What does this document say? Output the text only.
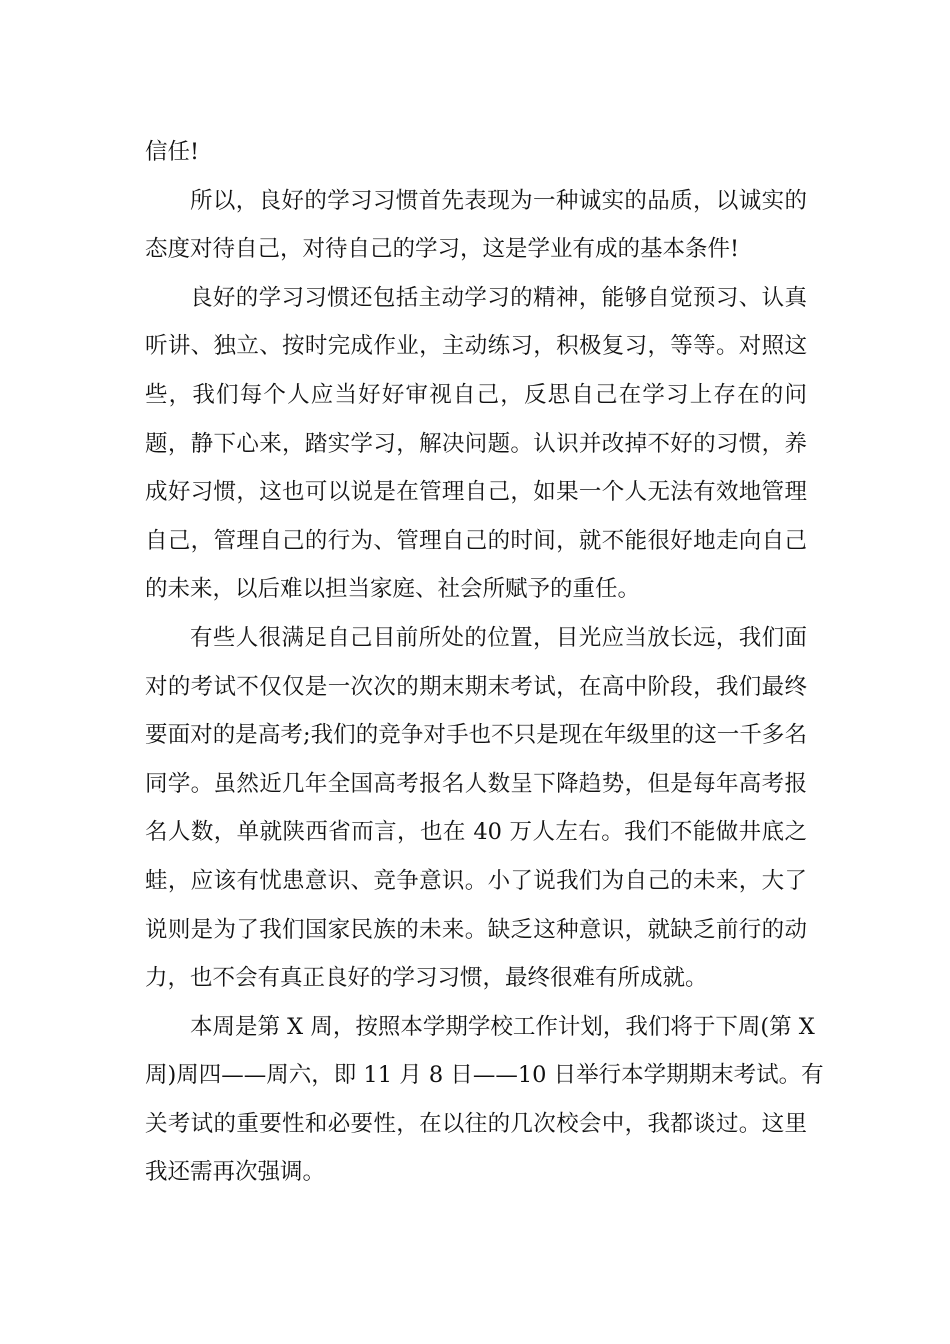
信任!

所以，良好的学习习惯首先表现为一种诚实的品质，以诚实的
态度对待自己，对待自己的学习，这是学业有成的基本条件!

良好的学习习惯还包括主动学习的精神，能够自觉预习、认真
听讲、独立、按时完成作业，主动练习，积极复习，等等。对照这
些，我们每个人应当好好审视自己，反思自己在学习上存在的问
题，静下心来，踏实学习，解决问题。认识并改掉不好的习惯，养
成好习惯，这也可以说是在管理自己，如果一个人无法有效地管理
自己，管理自己的行为、管理自己的时间，就不能很好地走向自己
的未来，以后难以担当家庭、社会所赋予的重任。

有些人很满足自己目前所处的位置，目光应当放长远，我们面
对的考试不仅仅是一次次的期末期末考试，在高中阶段，我们最终
要面对的是高考;我们的竞争对手也不只是现在年级里的这一千多名
同学。虽然近几年全国高考报名人数呈下降趋势，但是每年高考报
名人数，单就陕西省而言，也在 40 万人左右。我们不能做井底之
蛙，应该有忧患意识、竞争意识。小了说我们为自己的未来，大了
说则是为了我们国家民族的未来。缺乏这种意识，就缺乏前行的动
力，也不会有真正良好的学习习惯，最终很难有所成就。

本周是第 X 周，按照本学期学校工作计划，我们将于下周(第 X
周)周四——周六，即 11 月 8 日——10 日举行本学期期末考试。有
关考试的重要性和必要性，在以往的几次校会中，我都谈过。这里
我还需再次强调。
